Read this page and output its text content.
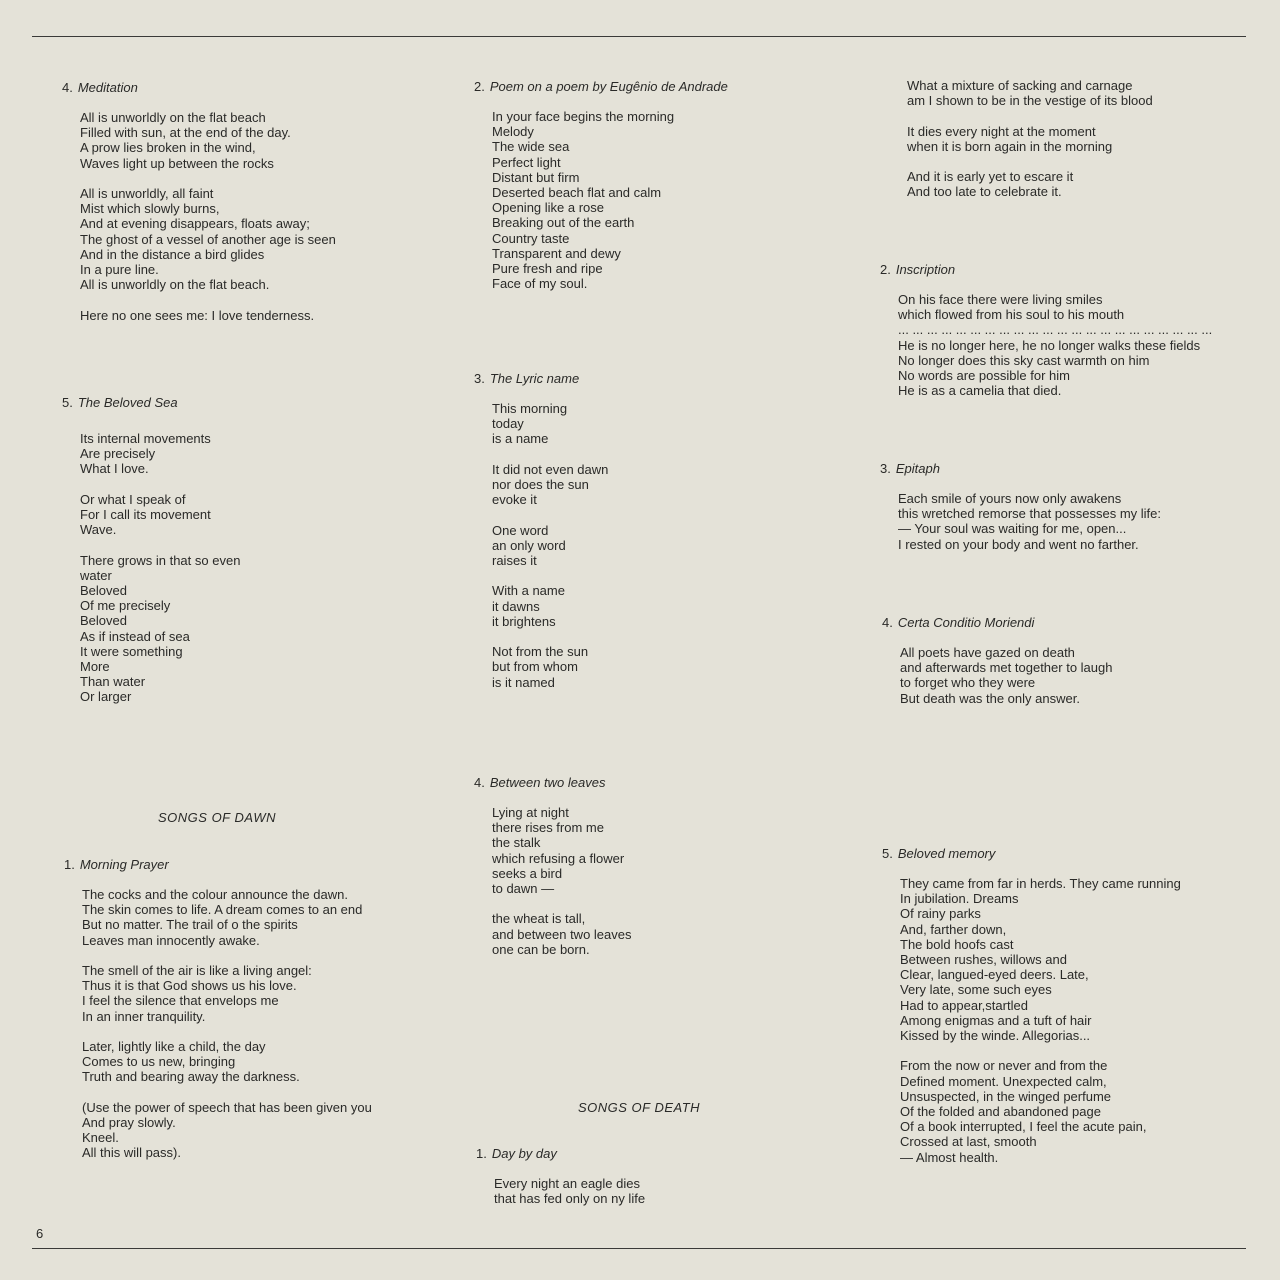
4. Meditation
All is unworldly on the flat beach
Filled with sun, at the end of the day.
A prow lies broken in the wind,
Waves light up between the rocks

All is unworldly, all faint
Mist which slowly burns,
And at evening disappears, floats away;
The ghost of a vessel of another age is seen
And in the distance a bird glides
In a pure line.
All is unworldly on the flat beach.

Here no one sees me: I love tenderness.
5. The Beloved Sea
Its internal movements
Are precisely
What I love.

Or what I speak of
For I call its movement
Wave.

There grows in that so even
water
Beloved
Of me precisely
Beloved
As if instead of sea
It were something
More
Than water
Or larger
SONGS OF DAWN
1. Morning Prayer
The cocks and the colour announce the dawn.
The skin comes to life. A dream comes to an end
But no matter. The trail of o the spirits
Leaves man innocently awake.

The smell of the air is like a living angel:
Thus it is that God shows us his love.
I feel the silence that envelops me
In an inner tranquility.

Later, lightly like a child, the day
Comes to us new, bringing
Truth and bearing away the darkness.

(Use the power of speech that has been given you
And pray slowly.
Kneel.
All this will pass).
2. Poem on a poem by Eugênio de Andrade
In your face begins the morning
Melody
The wide sea
Perfect light
Distant but firm
Deserted beach flat and calm
Opening like a rose
Breaking out of the earth
Country taste
Transparent and dewy
Pure fresh and ripe
Face of my soul.
3. The Lyric name
This morning
today
is a name

It did not even dawn
nor does the sun
evoke it

One word
an only word
raises it

With a name
it dawns
it brightens

Not from the sun
but from whom
is it named
4. Between two leaves
Lying at night
there rises from me
the stalk
which refusing a flower
seeks a bird
to dawn —

the wheat is tall,
and between two leaves
one can be born.
SONGS OF DEATH
1. Day by day
Every night an eagle dies
that has fed only on ny life
What a mixture of sacking and carnage
am I shown to be in the vestige of its blood

It dies every night at the moment
when it is born again in the morning

And it is early yet to escare it
And too late to celebrate it.
2. Inscription
On his face there were living smiles
which flowed from his soul to his mouth
... ... ... ... ... ... ... ... ... ... ... ... ... ... ... ... ... ... ... ... ... ...
He is no longer here, he no longer walks these fields
No longer does this sky cast warmth on him
No words are possible for him
He is as a camelia that died.
3. Epitaph
Each smile of yours now only awakens
this wretched remorse that possesses my life:
— Your soul was waiting for me, open...
I rested on your body and went no farther.
4. Certa Conditio Moriendi
All poets have gazed on death
and afterwards met together to laugh
to forget who they were
But death was the only answer.
5. Beloved memory
They came from far in herds. They came running
In jubilation. Dreams
Of rainy parks
And, farther down,
The bold hoofs cast
Between rushes, willows and
Clear, langued-eyed deers. Late,
Very late, some such eyes
Had to appear,startled
Among enigmas and a tuft of hair
Kissed by the winde. Allegorias...

From the now or never and from the
Defined moment. Unexpected calm,
Unsuspected, in the winged perfume
Of the folded and abandoned page
Of a book interrupted, I feel the acute pain,
Crossed at last, smooth
— Almost health.
6
